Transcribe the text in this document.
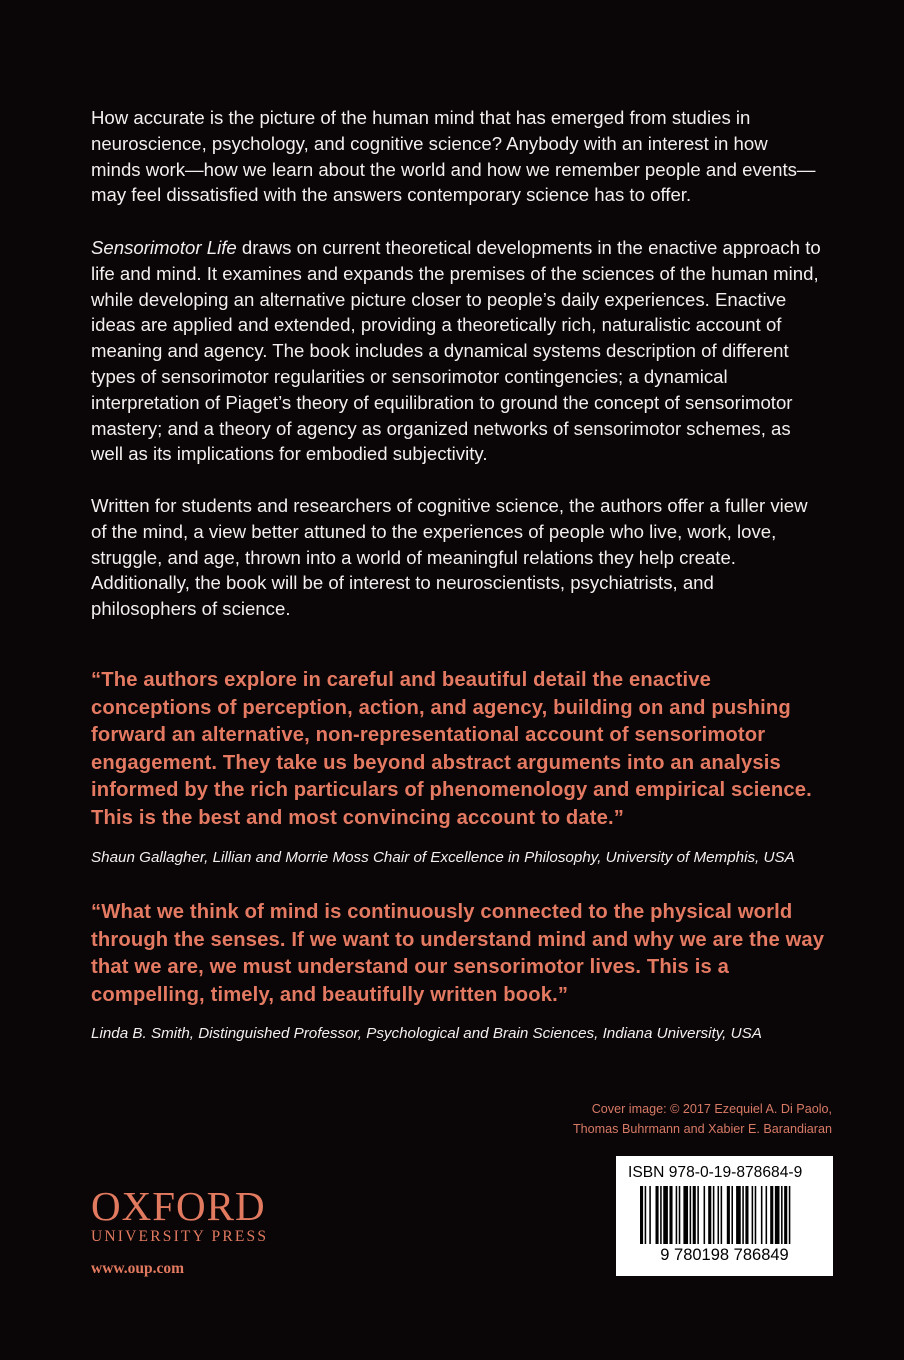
How accurate is the picture of the human mind that has emerged from studies in neuroscience, psychology, and cognitive science? Anybody with an interest in how minds work—how we learn about the world and how we remember people and events—may feel dissatisfied with the answers contemporary science has to offer.

Sensorimotor Life draws on current theoretical developments in the enactive approach to life and mind. It examines and expands the premises of the sciences of the human mind, while developing an alternative picture closer to people’s daily experiences. Enactive ideas are applied and extended, providing a theoretically rich, naturalistic account of meaning and agency. The book includes a dynamical systems description of different types of sensorimotor regularities or sensorimotor contingencies; a dynamical interpretation of Piaget’s theory of equilibration to ground the concept of sensorimotor mastery; and a theory of agency as organized networks of sensorimotor schemes, as well as its implications for embodied subjectivity.

Written for students and researchers of cognitive science, the authors offer a fuller view of the mind, a view better attuned to the experiences of people who live, work, love, struggle, and age, thrown into a world of meaningful relations they help create. Additionally, the book will be of interest to neuroscientists, psychiatrists, and philosophers of science.

“The authors explore in careful and beautiful detail the enactive conceptions of perception, action, and agency, building on and pushing forward an alternative, non-representational account of sensorimotor engagement. They take us beyond abstract arguments into an analysis informed by the rich particulars of phenomenology and empirical science. This is the best and most convincing account to date.”

Shaun Gallagher, Lillian and Morrie Moss Chair of Excellence in Philosophy, University of Memphis, USA

“What we think of mind is continuously connected to the physical world through the senses. If we want to understand mind and why we are the way that we are, we must understand our sensorimotor lives. This is a compelling, timely, and beautifully written book.”

Linda B. Smith, Distinguished Professor, Psychological and Brain Sciences, Indiana University, USA

Cover image: © 2017 Ezequiel A. Di Paolo,
Thomas Buhrmann and Xabier E. Barandiaran
OXFORD
UNIVERSITY PRESS
www.oup.com
ISBN 978-0-19-878684-9
9 780198 786849
